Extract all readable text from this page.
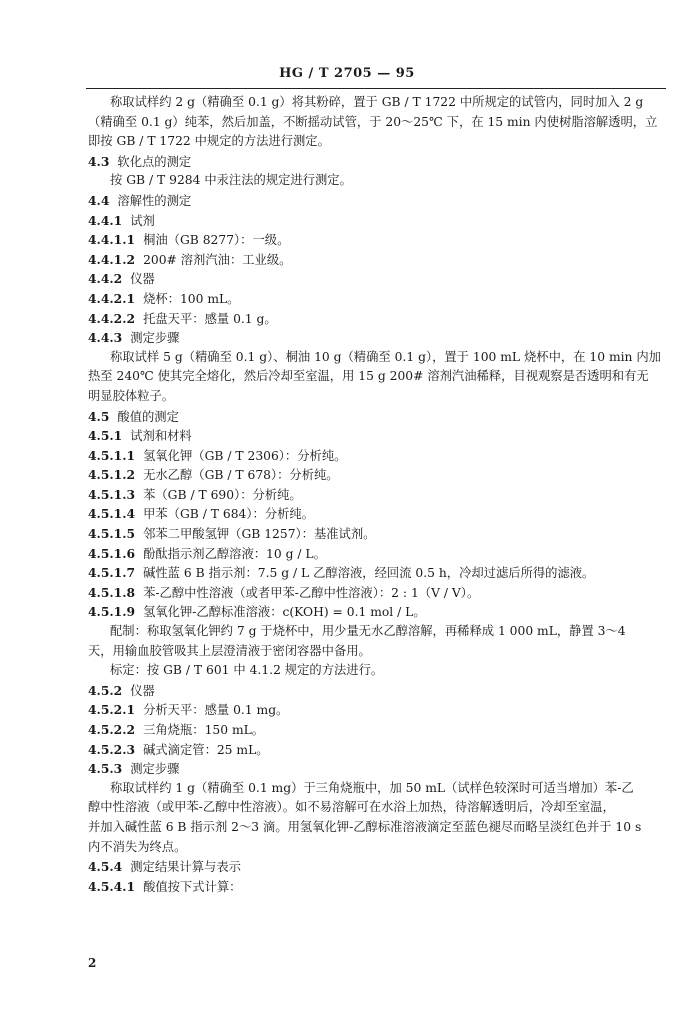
HG / T 2705 — 95
称取试样约 2 g（精确至 0.1 g）将其粉碎，置于 GB / T 1722 中所规定的试管内，同时加入 2 g
（精确至 0.1 g）纯苯，然后加盖，不断摇动试管，于 20～25℃ 下，在 15 min 内使树脂溶解透明，立
即按 GB / T 1722 中规定的方法进行测定。
4.3 软化点的测定
按 GB / T 9284 中汞注法的规定进行测定。
4.4 溶解性的测定
4.4.1 试剂
4.4.1.1 桐油（GB 8277）：一级。
4.4.1.2 200# 溶剂汽油：工业级。
4.4.2 仪器
4.4.2.1 烧杯：100 mL。
4.4.2.2 托盘天平：感量 0.1 g。
4.4.3 测定步骤
称取试样 5 g（精确至 0.1 g）、桐油 10 g（精确至 0.1 g），置于 100 mL 烧杯中，在 10 min 内加
热至 240℃ 使其完全熔化，然后冷却至室温，用 15 g 200# 溶剂汽油稀释，目视观察是否透明和有无
明显胶体粒子。
4.5 酸值的测定
4.5.1 试剂和材料
4.5.1.1 氢氧化钾（GB / T 2306）：分析纯。
4.5.1.2 无水乙醇（GB / T 678）：分析纯。
4.5.1.3 苯（GB / T 690）：分析纯。
4.5.1.4 甲苯（GB / T 684）：分析纯。
4.5.1.5 邻苯二甲酸氢钾（GB 1257）：基准试剂。
4.5.1.6 酚酞指示剂乙醇溶液：10 g / L。
4.5.1.7 碱性蓝 6 B 指示剂：7.5 g / L 乙醇溶液，经回流 0.5 h，冷却过滤后所得的滤液。
4.5.1.8 苯-乙醇中性溶液（或者甲苯-乙醇中性溶液）：2 : 1（V / V）。
4.5.1.9 氢氧化钾-乙醇标准溶液：c(KOH) = 0.1 mol / L。
配制：称取氢氧化钾约 7 g 于烧杯中，用少量无水乙醇溶解，再稀释成 1 000 mL，静置 3～4
天，用输血胶管吸其上层澄清液于密闭容器中备用。
标定：按 GB / T 601 中 4.1.2 规定的方法进行。
4.5.2 仪器
4.5.2.1 分析天平：感量 0.1 mg。
4.5.2.2 三角烧瓶：150 mL。
4.5.2.3 碱式滴定管：25 mL。
4.5.3 测定步骤
称取试样约 1 g（精确至 0.1 mg）于三角烧瓶中，加 50 mL（试样色较深时可适当增加）苯-乙
醇中性溶液（或甲苯-乙醇中性溶液）。如不易溶解可在水浴上加热，待溶解透明后，冷却至室温，
并加入碱性蓝 6 B 指示剂 2～3 滴。用氢氧化钾-乙醇标准溶液滴定至蓝色褪尽而略呈淡红色并于 10 s
内不消失为终点。
4.5.4 测定结果计算与表示
4.5.4.1 酸值按下式计算：
2
